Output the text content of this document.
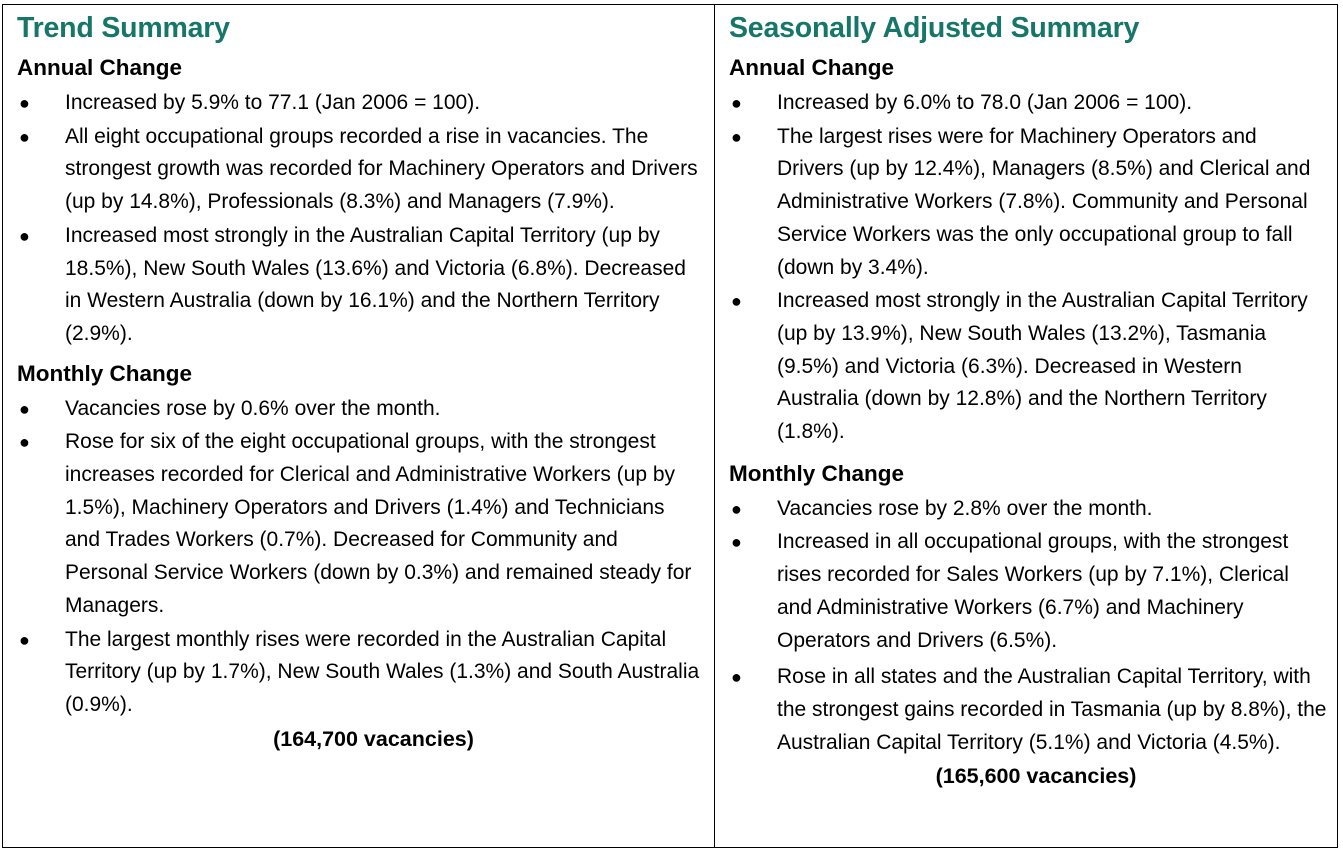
Trend Summary
Annual Change
●	Increased by 5.9% to 77.1 (Jan 2006 = 100).
●	All eight occupational groups recorded a rise in vacancies. The strongest growth was recorded for Machinery Operators and Drivers (up by 14.8%), Professionals (8.3%) and Managers (7.9%).
●	Increased most strongly in the Australian Capital Territory (up by 18.5%), New South Wales (13.6%) and Victoria (6.8%). Decreased in Western Australia (down by 16.1%) and the Northern Territory (2.9%).
Monthly Change
●	Vacancies rose by 0.6% over the month.
●	Rose for six of the eight occupational groups, with the strongest increases recorded for Clerical and Administrative Workers (up by 1.5%), Machinery Operators and Drivers (1.4%) and Technicians and Trades Workers (0.7%). Decreased for Community and Personal Service Workers (down by 0.3%) and remained steady for Managers.
●	The largest monthly rises were recorded in the Australian Capital Territory (up by 1.7%), New South Wales (1.3%) and South Australia (0.9%).
(164,700 vacancies)
Seasonally Adjusted Summary
Annual Change
●	Increased by 6.0% to 78.0 (Jan 2006 = 100).
●	The largest rises were for Machinery Operators and Drivers (up by 12.4%), Managers (8.5%) and Clerical and Administrative Workers (7.8%). Community and Personal Service Workers was the only occupational group to fall (down by 3.4%).
●	Increased most strongly in the Australian Capital Territory (up by 13.9%), New South Wales (13.2%), Tasmania (9.5%) and Victoria (6.3%). Decreased in Western Australia (down by 12.8%) and the Northern Territory (1.8%).
Monthly Change
●	Vacancies rose by 2.8% over the month.
●	Increased in all occupational groups, with the strongest rises recorded for Sales Workers (up by 7.1%), Clerical and Administrative Workers (6.7%) and Machinery Operators and Drivers (6.5%).
●	Rose in all states and the Australian Capital Territory, with the strongest gains recorded in Tasmania (up by 8.8%), the Australian Capital Territory (5.1%) and Victoria (4.5%).
(165,600 vacancies)
